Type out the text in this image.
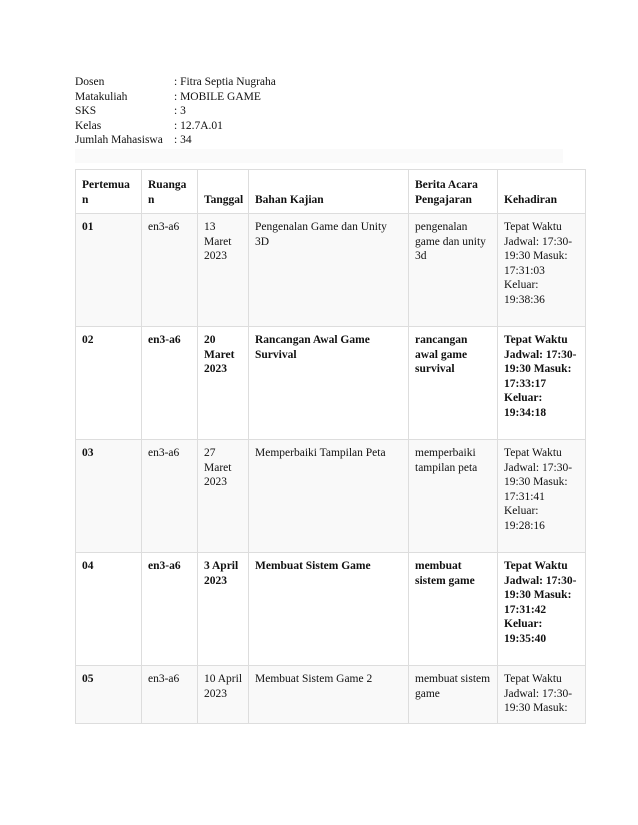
Dosen	: Fitra Septia Nugraha
Matakuliah	: MOBILE GAME
SKS	: 3
Kelas	: 12.7A.01
Jumlah Mahasiswa : 34
Pertemuan	Ruangan	Tanggal	Bahan Kajian	Berita Acara Pengajaran	Kehadiran
01	en3-a6	13 Maret 2023	Pengenalan Game dan Unity 3D	pengenalan game dan unity 3d	Tepat Waktu Jadwal: 17:30-19:30 Masuk: 17:31:03 Keluar: 19:38:36
02	en3-a6	20 Maret 2023	Rancangan Awal Game Survival	rancangan awal game survival	Tepat Waktu Jadwal: 17:30-19:30 Masuk: 17:33:17 Keluar: 19:34:18
03	en3-a6	27 Maret 2023	Memperbaiki Tampilan Peta	memperbaiki tampilan peta	Tepat Waktu Jadwal: 17:30-19:30 Masuk: 17:31:41 Keluar: 19:28:16
04	en3-a6	3 April 2023	Membuat Sistem Game	membuat sistem game	Tepat Waktu Jadwal: 17:30-19:30 Masuk: 17:31:42 Keluar: 19:35:40
05	en3-a6	10 April 2023	Membuat Sistem Game 2	membuat sistem game	Tepat Waktu Jadwal: 17:30-19:30 Masuk:
